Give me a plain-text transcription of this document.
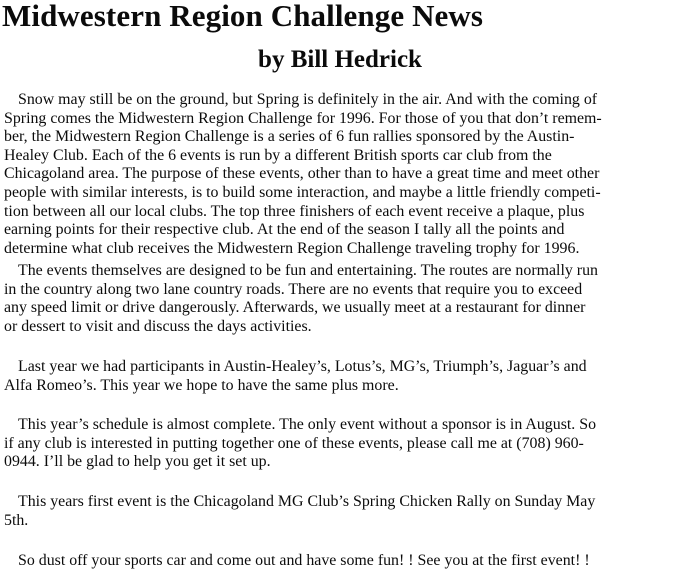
Midwestern Region Challenge News
by Bill Hedrick
Snow may still be on the ground, but Spring is definitely in the air. And with the coming of
Spring comes the Midwestern Region Challenge for 1996. For those of you that don’t remem-
ber, the Midwestern Region Challenge is a series of 6 fun rallies sponsored by the Austin-
Healey Club. Each of the 6 events is run by a different British sports car club from the
Chicagoland area. The purpose of these events, other than to have a great time and meet other
people with similar interests, is to build some interaction, and maybe a little friendly competi-
tion between all our local clubs. The top three finishers of each event receive a plaque, plus
earning points for their respective club. At the end of the season I tally all the points and
determine what club receives the Midwestern Region Challenge traveling trophy for 1996.
The events themselves are designed to be fun and entertaining. The routes are normally run
in the country along two lane country roads. There are no events that require you to exceed
any speed limit or drive dangerously. Afterwards, we usually meet at a restaurant for dinner
or dessert to visit and discuss the days activities.
Last year we had participants in Austin-Healey’s, Lotus’s, MG’s, Triumph’s, Jaguar’s and
Alfa Romeo’s. This year we hope to have the same plus more.
This year’s schedule is almost complete. The only event without a sponsor is in August. So
if any club is interested in putting together one of these events, please call me at (708) 960-
0944. I’ll be glad to help you get it set up.
This years first event is the Chicagoland MG Club’s Spring Chicken Rally on Sunday May
5th.
So dust off your sports car and come out and have some fun! ! See you at the first event! !
